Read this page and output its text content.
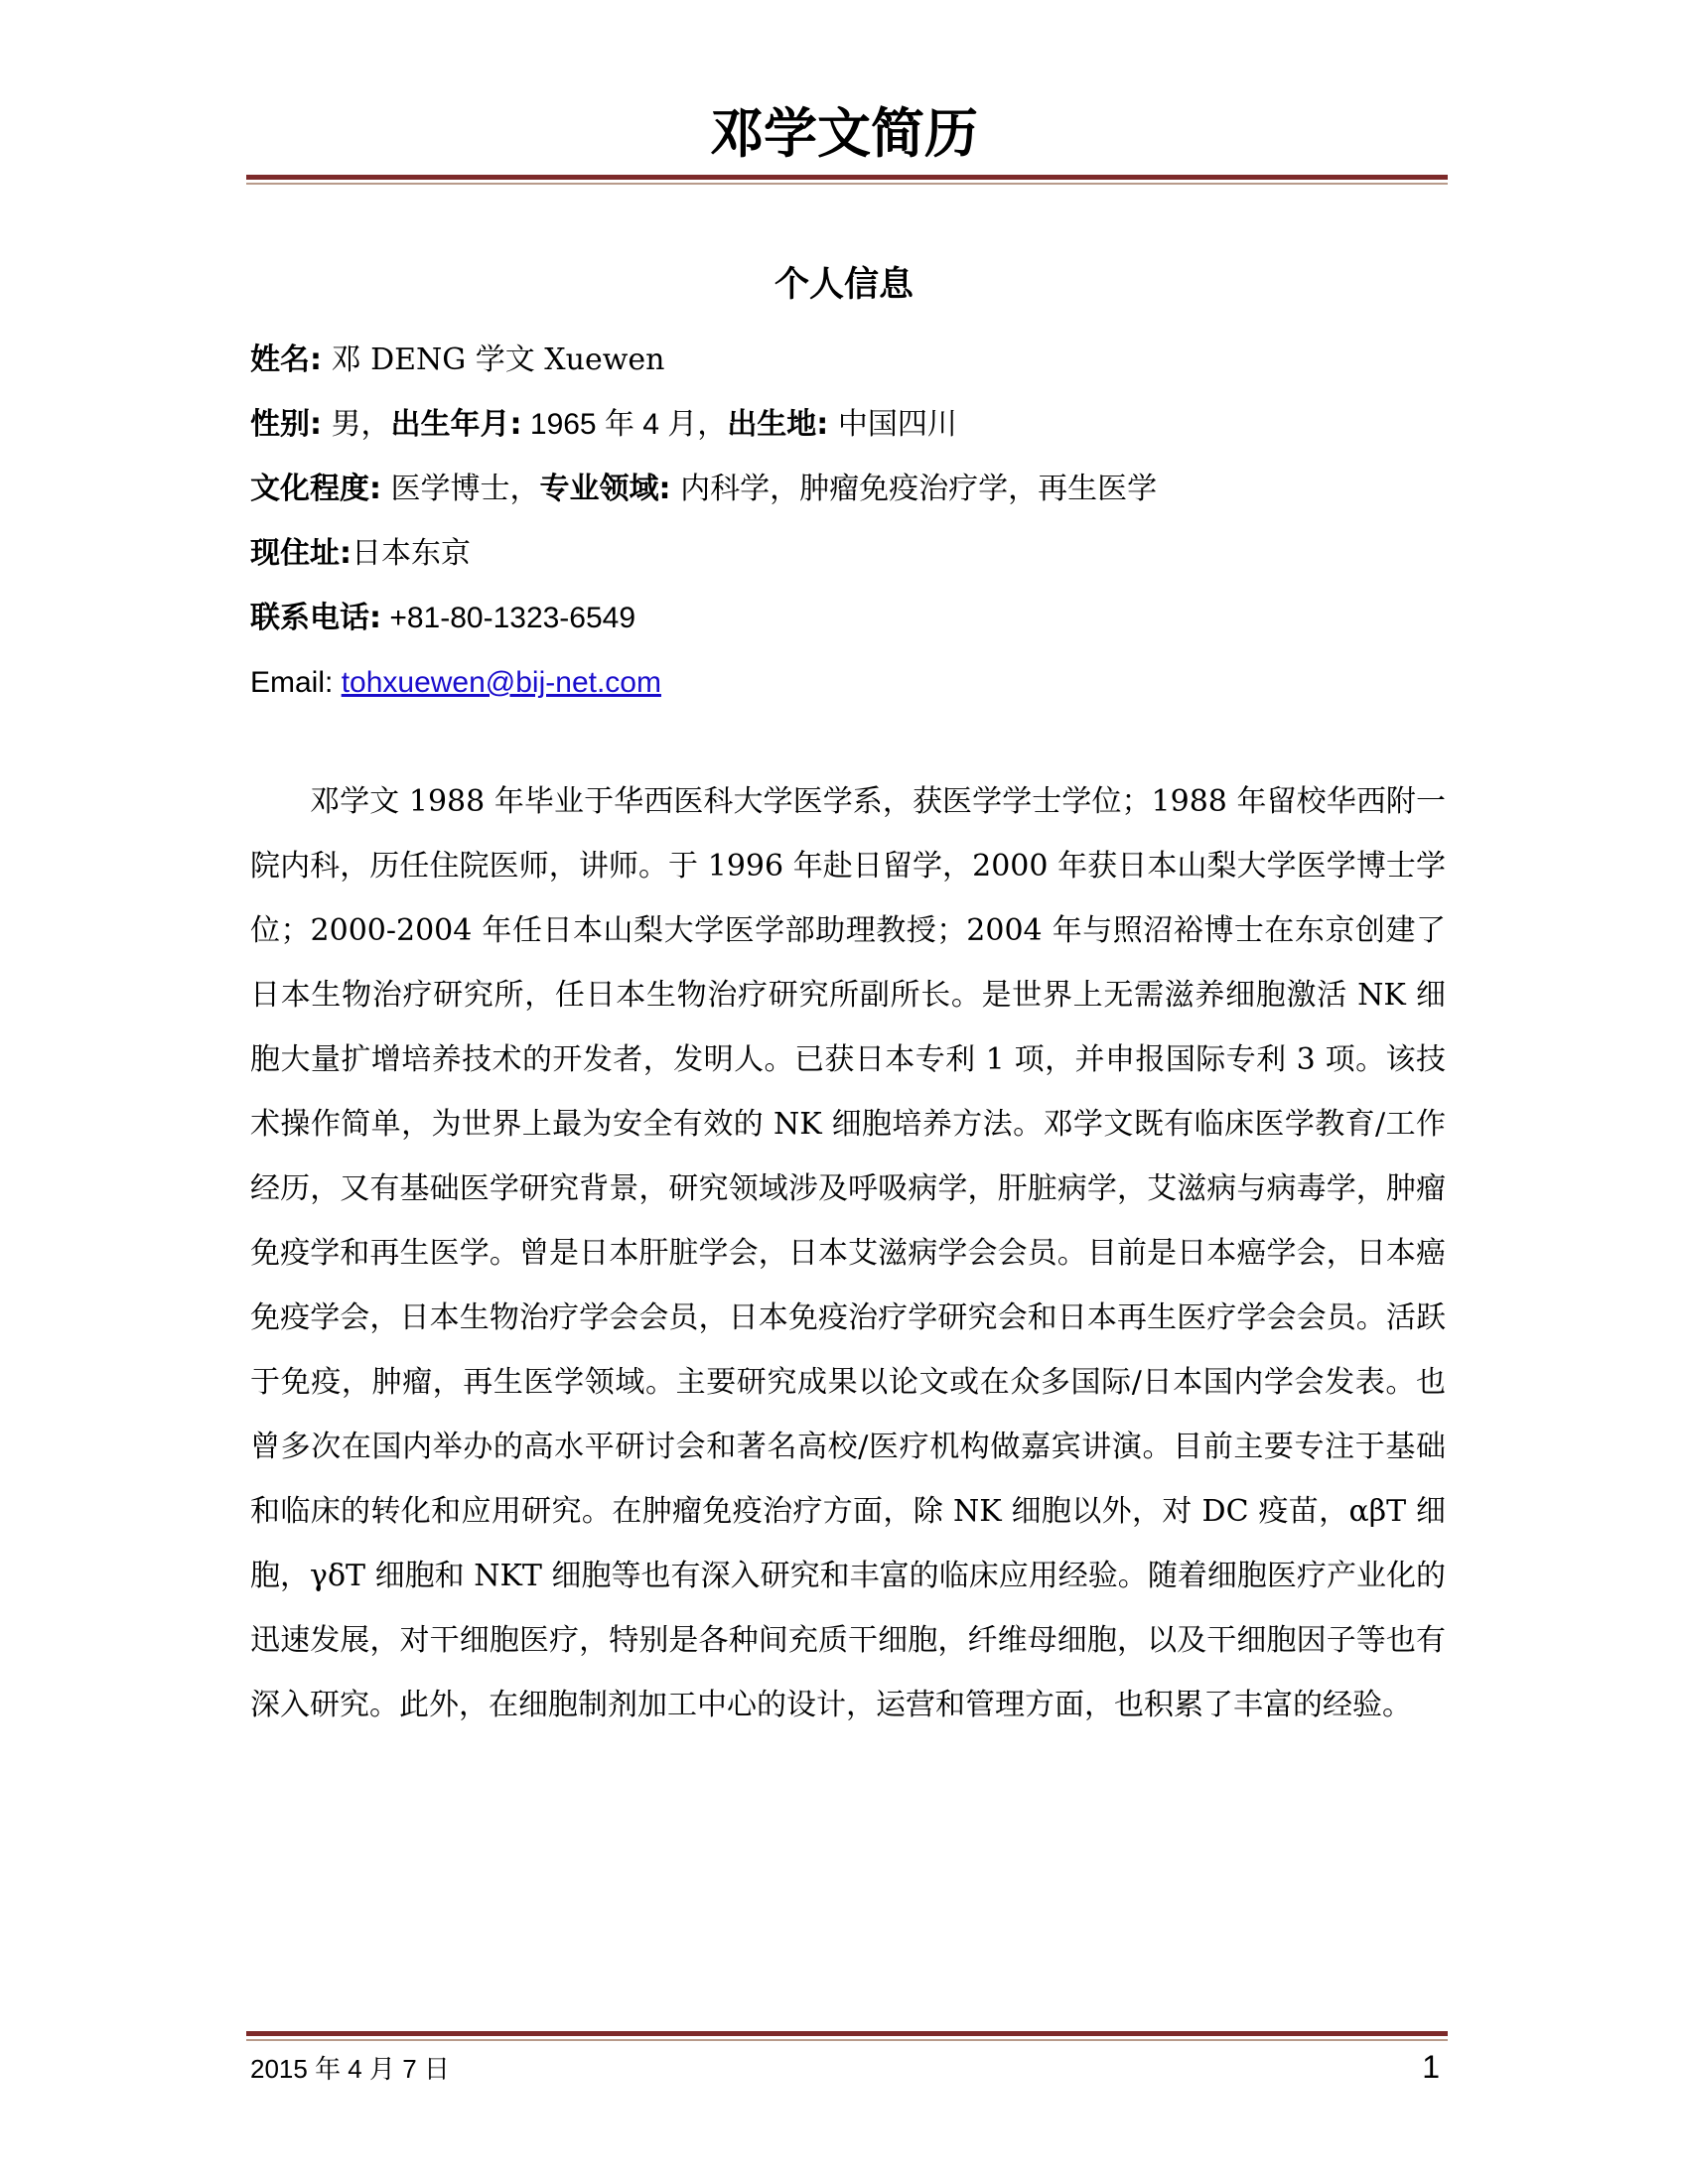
邓学文简历
个人信息
姓名: 邓 DENG 学文 Xuewen
性别: 男，出生年月: 1965 年 4 月，出生地: 中国四川
文化程度: 医学博士，专业领域: 内科学，肿瘤免疫治疗学，再生医学
现住址:日本东京
联系电话: +81-80-1323-6549
Email: tohxuewen@bij-net.com
邓学文 1988 年毕业于华西医科大学医学系，获医学学士学位；1988 年留校华西附一院内科，历任住院医师，讲师。于 1996 年赴日留学，2000 年获日本山梨大学医学博士学位；2000-2004 年任日本山梨大学医学部助理教授；2004 年与照沼裕博士在东京创建了日本生物治疗研究所，任日本生物治疗研究所副所长。是世界上无需滋养细胞激活 NK 细胞大量扩增培养技术的开发者，发明人。已获日本专利 1 项，并申报国际专利 3 项。该技术操作简单，为世界上最为安全有效的 NK 细胞培养方法。邓学文既有临床医学教育/工作经历，又有基础医学研究背景，研究领域涉及呼吸病学，肝脏病学，艾滋病与病毒学，肿瘤免疫学和再生医学。曾是日本肝脏学会，日本艾滋病学会会员。目前是日本癌学会，日本癌免疫学会，日本生物治疗学会会员，日本免疫治疗学研究会和日本再生医疗学会会员。活跃于免疫，肿瘤，再生医学领域。主要研究成果以论文或在众多国际/日本国内学会发表。也曾多次在国内举办的高水平研讨会和著名高校/医疗机构做嘉宾讲演。目前主要专注于基础和临床的转化和应用研究。在肿瘤免疫治疗方面，除 NK 细胞以外，对 DC 疫苗，αβT 细胞，γδT 细胞和 NKT 细胞等也有深入研究和丰富的临床应用经验。随着细胞医疗产业化的迅速发展，对干细胞医疗，特别是各种间充质干细胞，纤维母细胞，以及干细胞因子等也有深入研究。此外，在细胞制剂加工中心的设计，运营和管理方面，也积累了丰富的经验。
2015 年 4 月 7 日	1
